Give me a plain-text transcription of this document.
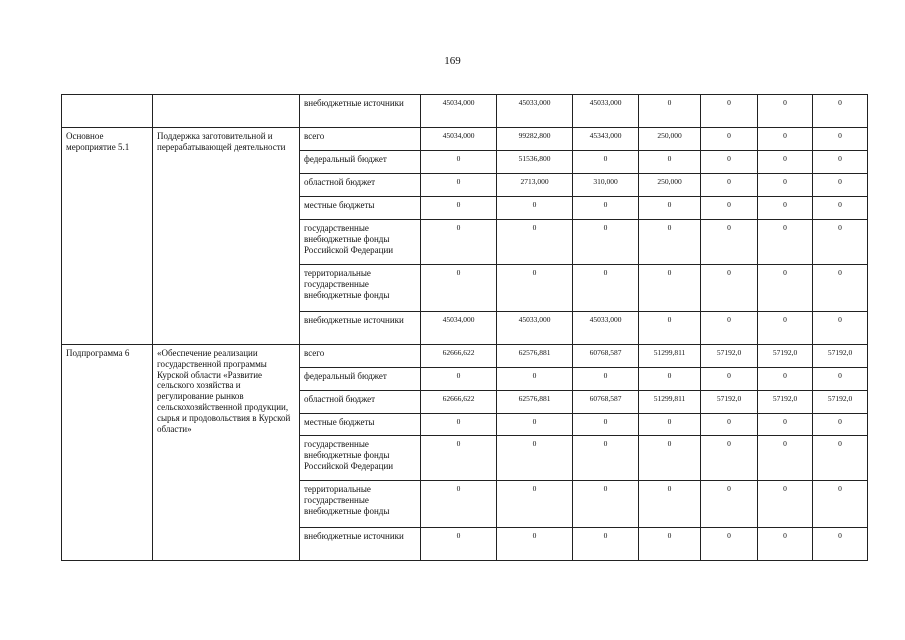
169
		внебюджетные источники	45034,000	45033,000	45033,000	0	0	0	0
Основное мероприятие 5.1	Поддержка заготовительной и перерабатывающей деятельности	всего	45034,000	99282,800	45343,000	250,000	0	0	0
		федеральный бюджет	0	51536,800	0	0	0	0	0
		областной бюджет	0	2713,000	310,000	250,000	0	0	0
		местные бюджеты	0	0	0	0	0	0	0
		государственные внебюджетные фонды Российской Федерации	0	0	0	0	0	0	0
		территориальные государственные внебюджетные фонды	0	0	0	0	0	0	0
		внебюджетные источники	45034,000	45033,000	45033,000	0	0	0	0
Подпрограмма 6	«Обеспечение реализации государственной программы Курской области «Развитие сельского хозяйства и регулирование рынков сельскохозяйственной продукции, сырья и продовольствия в Курской области»	всего	62666,622	62576,881	60768,587	51299,811	57192,0	57192,0	57192,0
		федеральный бюджет	0	0	0	0	0	0	0
		областной бюджет	62666,622	62576,881	60768,587	51299,811	57192,0	57192,0	57192,0
		местные бюджеты	0	0	0	0	0	0	0
		государственные внебюджетные фонды Российской Федерации	0	0	0	0	0	0	0
		территориальные государственные внебюджетные фонды	0	0	0	0	0	0	0
		внебюджетные источники	0	0	0	0	0	0	0
